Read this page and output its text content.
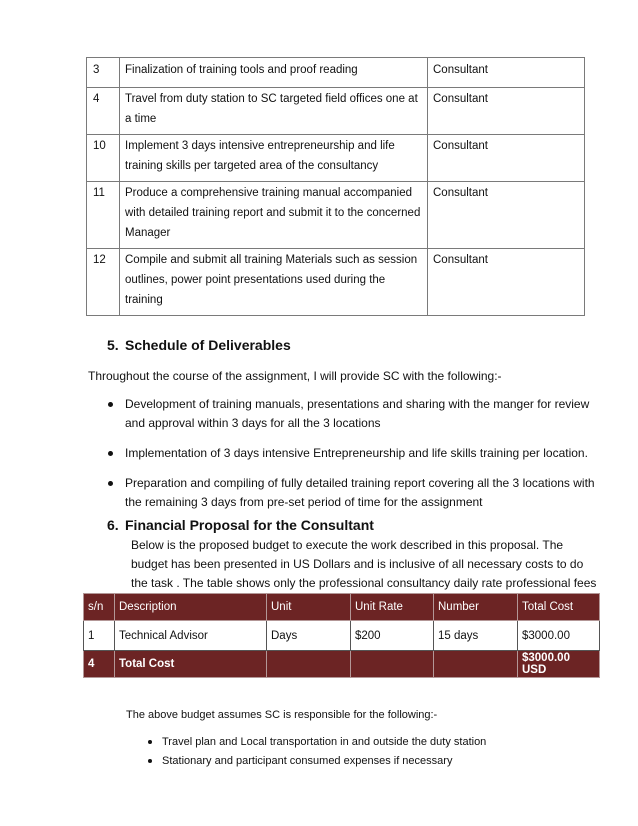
3	Finalization of training tools and proof reading	Consultant
4	Travel from duty station to SC targeted field offices one at a time	Consultant
10	Implement 3 days intensive entrepreneurship and life training skills per targeted area of the consultancy	Consultant
11	Produce a comprehensive training manual accompanied with detailed training report and submit it to the concerned Manager	Consultant
12	Compile and submit all training Materials such as session outlines, power point presentations used during the training	Consultant
5. Schedule of Deliverables

Throughout the course of the assignment, I will provide SC with the following:-

Development of training manuals, presentations and sharing with the manger for review and approval within 3 days for all the 3 locations
Implementation of 3 days intensive Entrepreneurship and life skills training per location.
Preparation and compiling of fully detailed training report covering all the 3 locations with the remaining 3 days from pre-set period of time for the assignment
6. Financial Proposal for the Consultant

Below is the proposed budget to execute the work described in this proposal. The budget has been presented in US Dollars and is inclusive of all necessary costs to do the task . The table shows only the professional consultancy daily rate professional fees

s/n	Description	Unit	Unit Rate	Number	Total Cost
1	Technical Advisor	Days	$200	15 days	$3000.00
4	Total Cost				$3000.00 USD

The above budget assumes SC is responsible for the following:-

Travel plan and Local transportation in and outside the duty station
Stationary and participant consumed expenses if necessary
